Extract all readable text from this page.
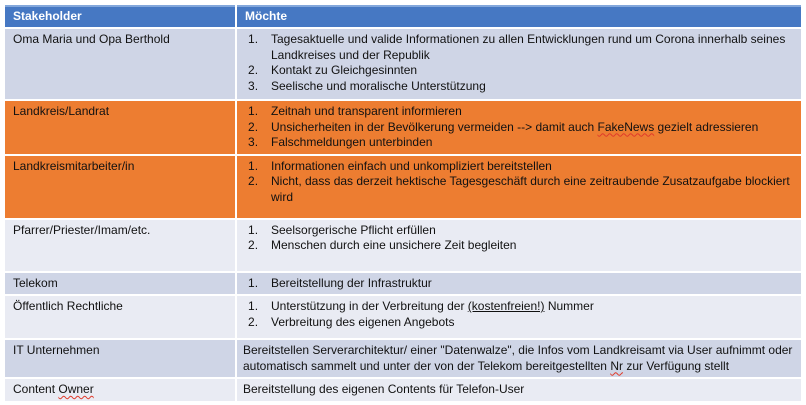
Stakeholder	Möchte
Oma Maria und Opa Berthold	Tagesaktuelle und valide Informationen zu allen Entwicklungen rund um Corona innerhalb seines Landkreises und der Republik
Kontakt zu Gleichgesinnten
Seelische und moralische Unterstützung
Landkreis/Landrat	Zeitnah und transparent informieren
Unsicherheiten in der Bevölkerung vermeiden --> damit auch FakeNews gezielt adressieren
Falschmeldungen unterbinden
Landkreismitarbeiter/in	Informationen einfach und unkompliziert bereitstellen
Nicht, dass das derzeit hektische Tagesgeschäft durch eine zeitraubende Zusatzaufgabe blockiert wird
Pfarrer/Priester/Imam/etc.	Seelsorgerische Pflicht erfüllen
Menschen durch eine unsichere Zeit begleiten
Telekom	Bereitstellung der Infrastruktur
Öffentlich Rechtliche	Unterstützung in der Verbreitung der (kostenfreien!) Nummer
Verbreitung des eigenen Angebots
IT Unternehmen	Bereitstellen Serverarchitektur/ einer "Datenwalze", die Infos vom Landkreisamt via User aufnimmt oder automatisch sammelt und unter der von der Telekom bereitgestellten Nr zur Verfügung stellt

Content Owner	Bereitstellung des eigenen Contents für Telefon-User
